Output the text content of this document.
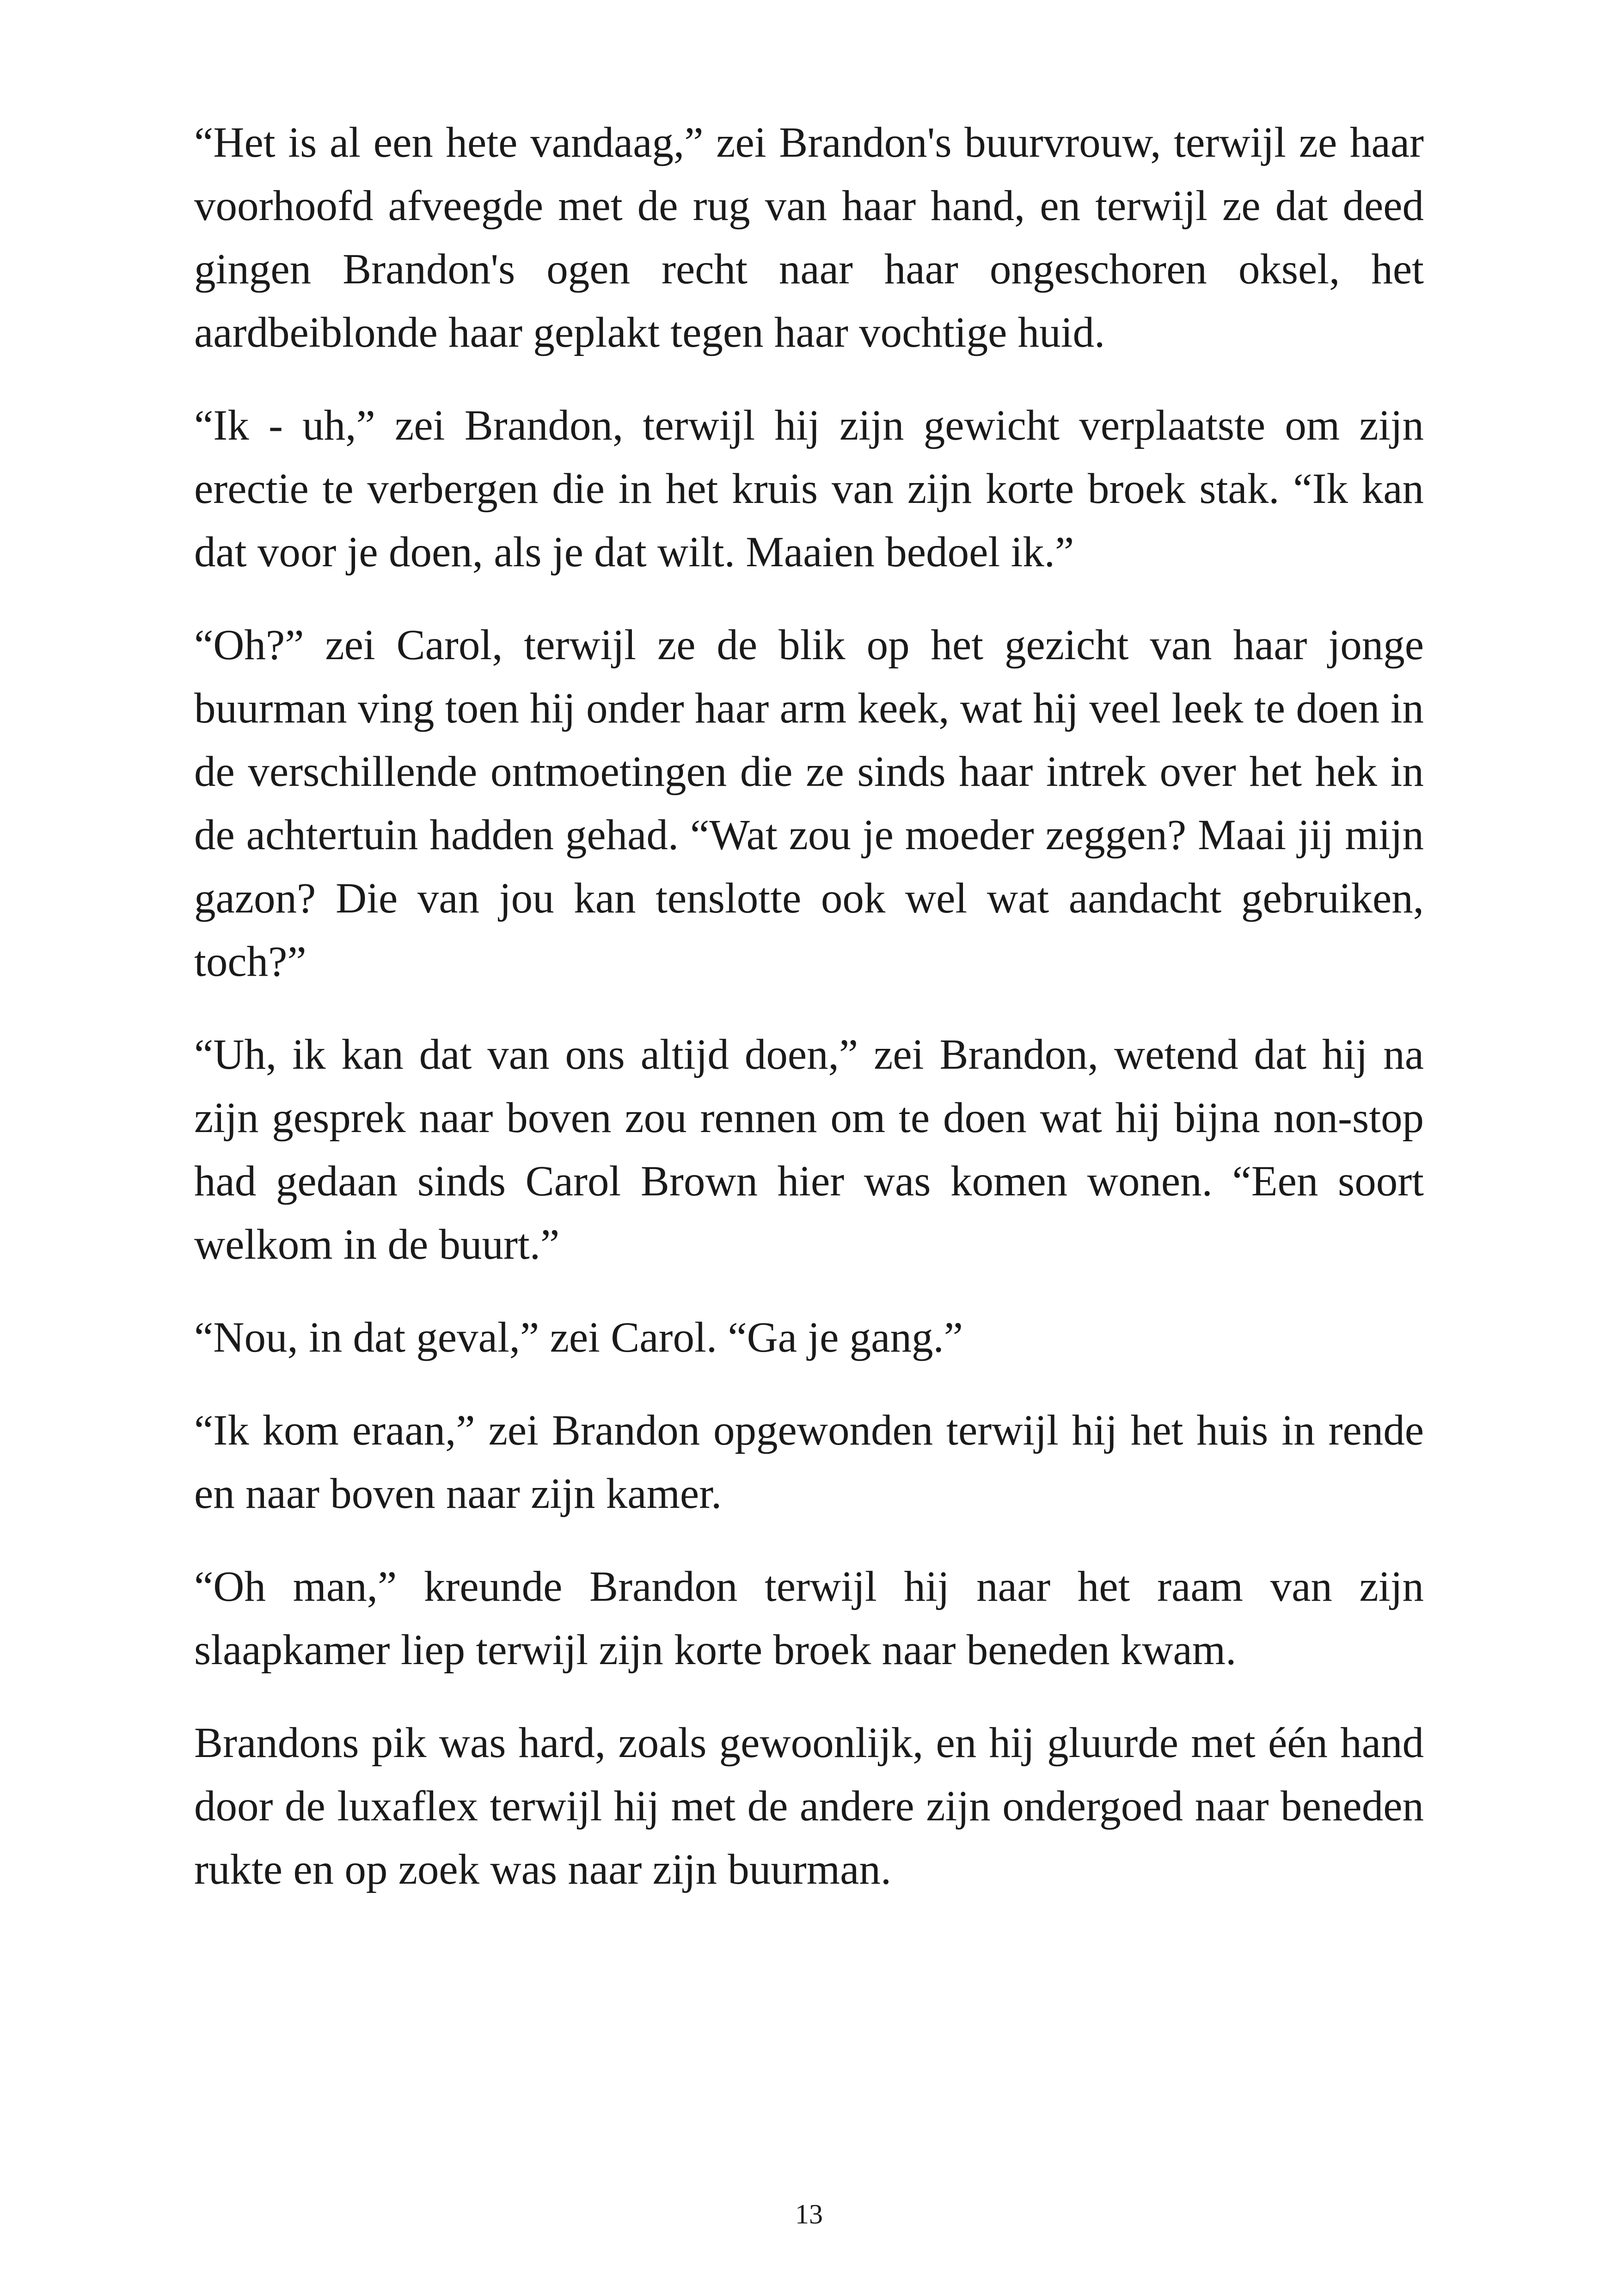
“Het is al een hete vandaag,” zei Brandon's buurvrouw, terwijl ze haar voorhoofd afveegde met de rug van haar hand, en terwijl ze dat deed gingen Brandon's ogen recht naar haar ongeschoren oksel, het aardbeiblonde haar geplakt tegen haar vochtige huid.

“Ik - uh,” zei Brandon, terwijl hij zijn gewicht verplaatste om zijn erectie te verbergen die in het kruis van zijn korte broek stak. “Ik kan dat voor je doen, als je dat wilt. Maaien bedoel ik.”

“Oh?” zei Carol, terwijl ze de blik op het gezicht van haar jonge buurman ving toen hij onder haar arm keek, wat hij veel leek te doen in de verschillende ontmoetingen die ze sinds haar intrek over het hek in de achtertuin hadden gehad. “Wat zou je moeder zeggen? Maai jij mijn gazon? Die van jou kan tenslotte ook wel wat aandacht gebruiken, toch?”

“Uh, ik kan dat van ons altijd doen,” zei Brandon, wetend dat hij na zijn gesprek naar boven zou rennen om te doen wat hij bijna non-stop had gedaan sinds Carol Brown hier was komen wonen. “Een soort welkom in de buurt.”

“Nou, in dat geval,” zei Carol. “Ga je gang.”

“Ik kom eraan,” zei Brandon opgewonden terwijl hij het huis in rende en naar boven naar zijn kamer.

“Oh man,” kreunde Brandon terwijl hij naar het raam van zijn slaapkamer liep terwijl zijn korte broek naar beneden kwam.

Brandons pik was hard, zoals gewoonlijk, en hij gluurde met één hand door de luxaflex terwijl hij met de andere zijn ondergoed naar beneden rukte en op zoek was naar zijn buurman.

13
